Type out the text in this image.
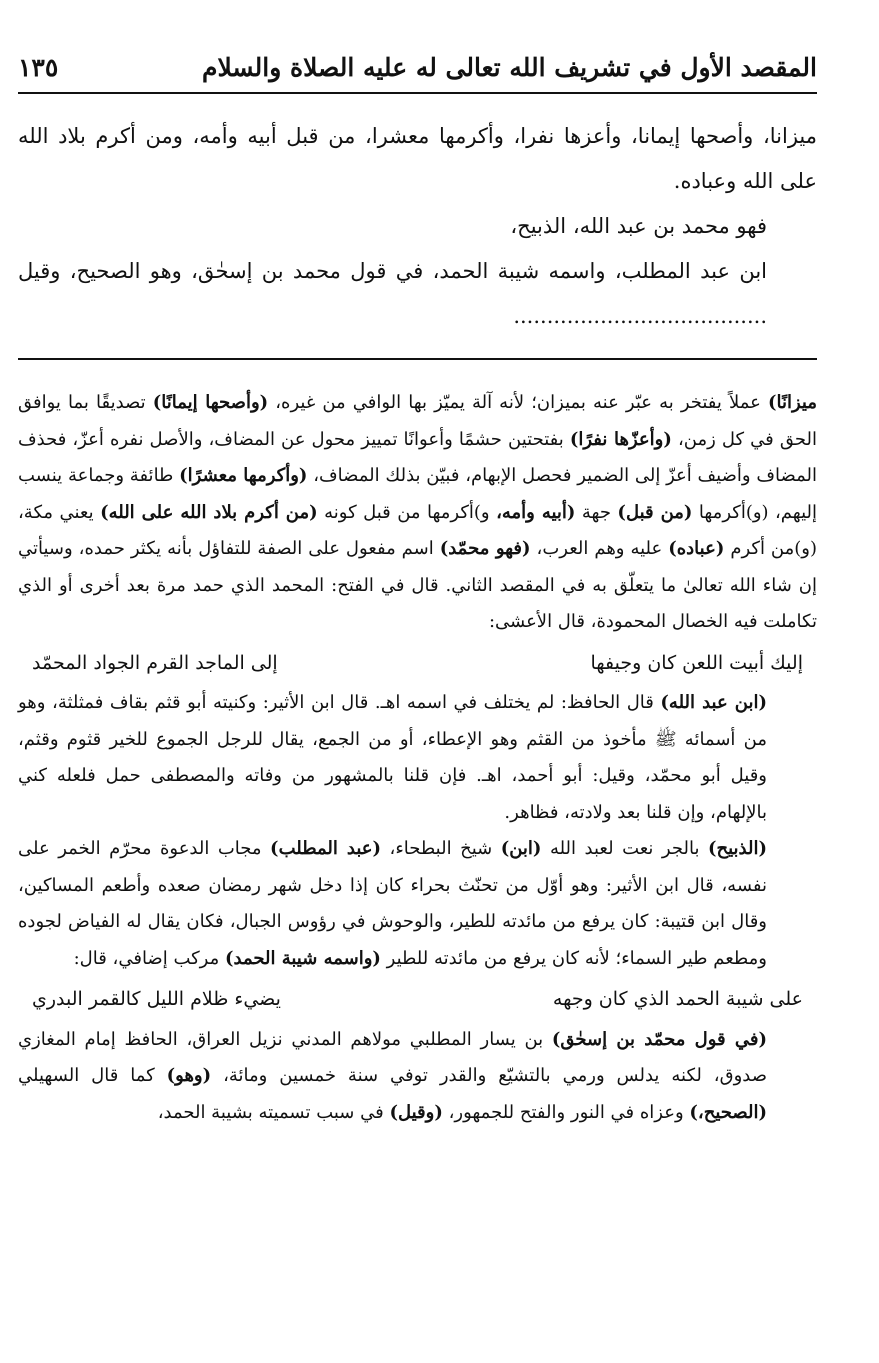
المقصد الأول في تشريف الله تعالى له عليه الصلاة والسلام
١٣٥

ميزانا، وأصحها إيمانا، وأعزها نفرا، وأكرمها معشرا، من قبل أبيه وأمه، ومن أكرم بلاد الله على الله وعباده.

فهو محمد بن عبد الله، الذبيح،

ابن عبد المطلب، واسمه شيبة الحمد، في قول محمد بن إسحٰق، وهو الصحيح، وقيل ......................................

ميزانًا) عملاً يفتخر به عبّر عنه بميزان؛ لأنه آلة يميّز بها الوافي من غيره، (وأصحها إيمانًا) تصديقًا بما يوافق الحق في كل زمن، (وأعزّها نفرًا) بفتحتين حشمًا وأعوانًا تمييز محول عن المضاف، والأصل نفره أعزّ، فحذف المضاف وأضيف أعزّ إلى الضمير فحصل الإبهام، فبيّن بذلك المضاف، (وأكرمها معشرًا) طائفة وجماعة ينسب إليهم، (و)أكرمها (من قبل) جهة (أبيه وأمه، و)أكرمها من قبل كونه (من أكرم بلاد الله على الله) يعني مكة، (و)من أكرم (عباده) عليه وهم العرب، (فهو محمّد) اسم مفعول على الصفة للتفاؤل بأنه يكثر حمده، وسيأتي إن شاء الله تعالىٰ ما يتعلّق به في المقصد الثاني. قال في الفتح: المحمد الذي حمد مرة بعد أخرى أو الذي تكاملت فيه الخصال المحمودة، قال الأعشى:

إليك أبيت اللعن كان وجيفها
إلى الماجد القرم الجواد المحمّد

(ابن عبد الله) قال الحافظ: لم يختلف في اسمه اهـ. قال ابن الأثير: وكنيته أبو قثم بقاف فمثلثة، وهو من أسمائه ﷺ مأخوذ من القثم وهو الإعطاء، أو من الجمع، يقال للرجل الجموع للخير قثوم وقثم، وقيل أبو محمّد، وقيل: أبو أحمد، اهـ. فإن قلنا بالمشهور من وفاته والمصطفى حمل فلعله كني بالإلهام، وإن قلنا بعد ولادته، فظاهر.

(الذبيح) بالجر نعت لعبد الله (ابن) شيخ البطحاء، (عبد المطلب) مجاب الدعوة محرّم الخمر على نفسه، قال ابن الأثير: وهو أوّل من تحنّث بحراء كان إذا دخل شهر رمضان صعده وأطعم المساكين، وقال ابن قتيبة: كان يرفع من مائدته للطير، والوحوش في رؤوس الجبال، فكان يقال له الفياض لجوده ومطعم طير السماء؛ لأنه كان يرفع من مائدته للطير (واسمه شيبة الحمد) مركب إضافي، قال:

على شيبة الحمد الذي كان وجهه
يضيء ظلام الليل كالقمر البدري

(في قول محمّد بن إسحٰق) بن يسار المطلبي مولاهم المدني نزيل العراق، الحافظ إمام المغازي صدوق، لكنه يدلس ورمي بالتشيّع والقدر توفي سنة خمسين ومائة، (وهو) كما قال السهيلي (الصحيح،) وعزاه في النور والفتح للجمهور، (وقيل) في سبب تسميته بشيبة الحمد،
